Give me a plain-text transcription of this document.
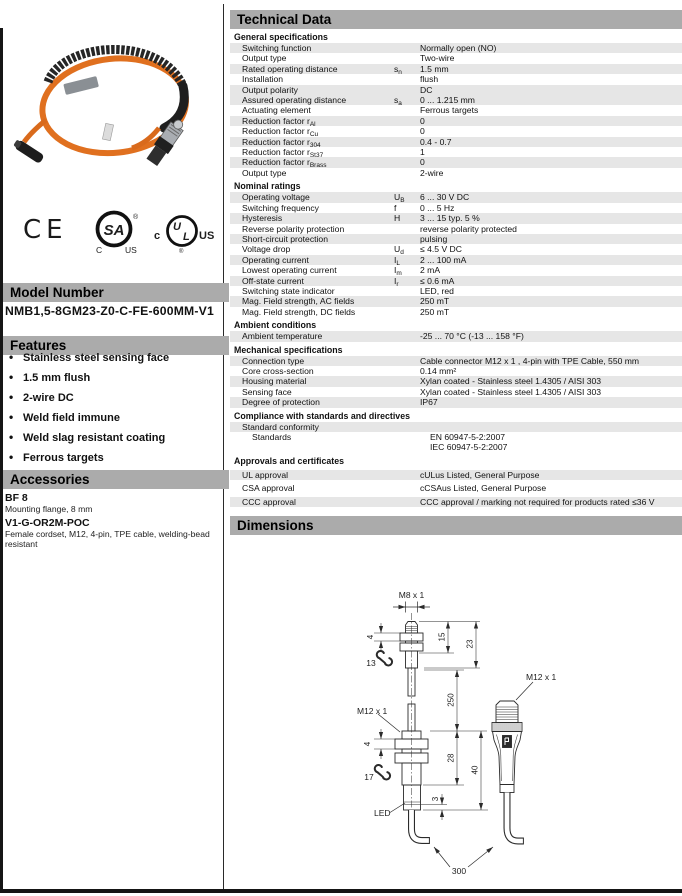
CE SA
®
C	US
c
U
L US
®
Model Number
NMB1,5-8GM23-Z0-C-FE-600MM-V1
Features
• Stainless steel sensing face
• 1.5 mm flush
• 2-wire DC
• Weld field immune
• Weld slag resistant coating
• Ferrous targets
Accessories
BF 8
Mounting flange, 8 mm
V1-G-OR2M-POC
Female cordset, M12, 4-pin, TPE cable, welding-bead resistant
Technical Data
General specifications
Switching function	Normally open (NO)
Output type	Two-wire
Rated operating distance	$s_n$	1.5 mm
Installation	flush
Output polarity	DC
Assured operating distance	$s_a$	0 ... 1.215 mm
Actuating element	Ferrous targets
Reduction factor $r_{Al}$	0
Reduction factor $r_{Cu}$	0
Reduction factor $r_{304}$	0.4 - 0.7
Reduction factor $r_{St37}$	1
Reduction factor $r_{Brass}$	0
Output type	2-wire
Nominal ratings
Operating voltage	$U_B$	6 ... 30 V DC
Switching frequency	f	0 ... 5 Hz
Hysteresis	H	3 ... 15 typ. 5 %
Reverse polarity protection	reverse polarity protected
Short-circuit protection	pulsing
Voltage drop	$U_d$	≤ 4.5 V DC
Operating current	$I_L$	2 ... 100 mA
Lowest operating current	$I_m$	2 mA
Off-state current	$I_r$	≤ 0.6 mA
Switching state indicator	LED, red
Mag. Field strength, AC fields	250 mT
Mag. Field strength, DC fields	250 mT
Ambient conditions
Ambient temperature	-25 ... 70 °C (-13 ... 158 °F)
Mechanical specifications
Connection type	Cable connector M12 x 1 , 4-pin with TPE Cable, 550 mm
Core cross-section	0.14 mm²
Housing material	Xylan coated - Stainless steel 1.4305 / AISI 303
Sensing face	Xylan coated - Stainless steel 1.4305 / AISI 303
Degree of protection	IP67
Compliance with standards and directives
Standard conformity
Standards	EN 60947-5-2:2007
IEC 60947-5-2:2007
Approvals and certificates
UL approval	cULus Listed, General Purpose
CSA approval	cCSAus Listed, General Purpose
CCC approval	CCC approval / marking not required for products rated ≤36 V
Dimensions
M8 x 1
M12 x 1
M12 x 1
LED
4
13
15
23
250
4
17
28
40
3
300
